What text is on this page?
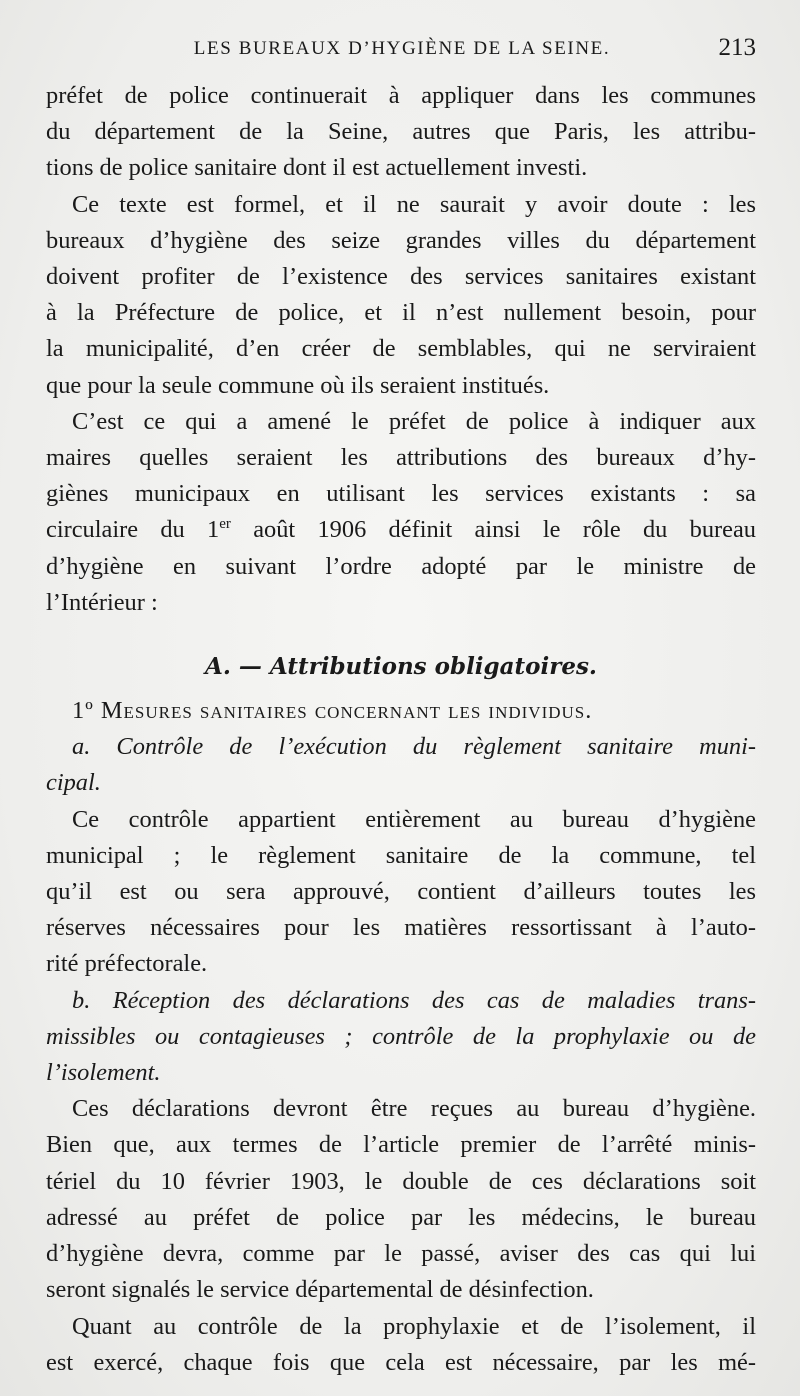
LES BUREAUX D’HYGIÈNE DE LA SEINE.	213
préfet de police continuerait à appliquer dans les communes
du département de la Seine, autres que Paris, les attribu-
tions de police sanitaire dont il est actuellement investi.
Ce texte est formel, et il ne saurait y avoir doute : les
bureaux d’hygiène des seize grandes villes du département
doivent profiter de l’existence des services sanitaires existant
à la Préfecture de police, et il n’est nullement besoin, pour
la municipalité, d’en créer de semblables, qui ne serviraient
que pour la seule commune où ils seraient institués.
C’est ce qui a amené le préfet de police à indiquer aux
maires quelles seraient les attributions des bureaux d’hy-
giènes municipaux en utilisant les services existants : sa
circulaire du 1er août 1906 définit ainsi le rôle du bureau
d’hygiène en suivant l’ordre adopté par le ministre de
l’Intérieur :
A. — Attributions obligatoires.
1º Mesures sanitaires concernant les individus.
a. Contrôle de l’exécution du règlement sanitaire muni-
cipal.
Ce contrôle appartient entièrement au bureau d’hygiène
municipal ; le règlement sanitaire de la commune, tel
qu’il est ou sera approuvé, contient d’ailleurs toutes les
réserves nécessaires pour les matières ressortissant à l’auto-
rité préfectorale.
b. Réception des déclarations des cas de maladies trans-
missibles ou contagieuses ; contrôle de la prophylaxie ou de
l’isolement.
Ces déclarations devront être reçues au bureau d’hygiène.
Bien que, aux termes de l’article premier de l’arrêté minis-
tériel du 10 février 1903, le double de ces déclarations soit
adressé au préfet de police par les médecins, le bureau
d’hygiène devra, comme par le passé, aviser des cas qui lui
seront signalés le service départemental de désinfection.
Quant au contrôle de la prophylaxie et de l’isolement, il
est exercé, chaque fois que cela est nécessaire, par les mé-
